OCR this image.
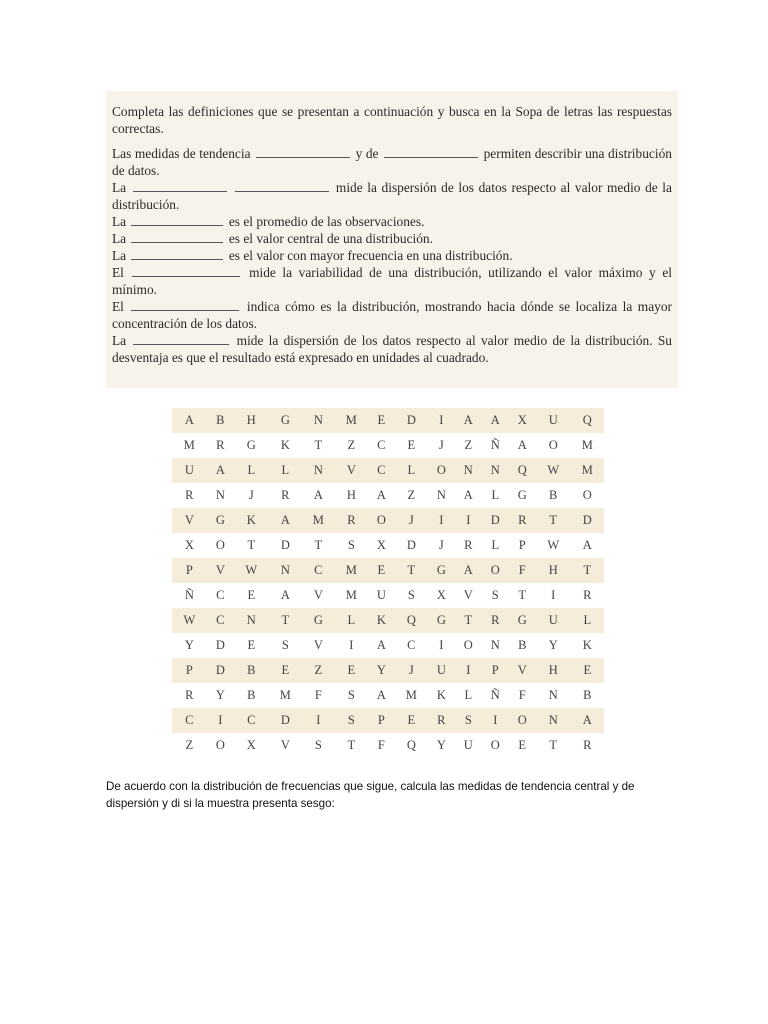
Completa las definiciones que se presentan a continuación y busca en la Sopa de letras las respuestas correctas.

Las medidas de tendencia	y de	permiten describir una distribución de datos.

La	mide la dispersión de los datos respecto al valor medio de la distribución.

La	es el promedio de las observaciones.

La	es el valor central de una distribución.

La	es el valor con mayor frecuencia en una distribución.

El	mide la variabilidad de una distribución, utilizando el valor máximo y el mínimo.

El	indica cómo es la distribución, mostrando hacia dónde se localiza la mayor concentración de los datos.

La	mide la dispersión de los datos respecto al valor medio de la distribución. Su desventaja es que el resultado está expresado en unidades al cuadrado.

A	B	H	G	N	M	E	D	I	A	A	X	U	Q
M	R	G	K	T	Z	C	E	J	Z	Ñ	A	O	M
U	A	L	L	N	V	C	L	O	N	N	Q	W	M
R	N	J	R	A	H	A	Z	N	A	L	G	B	O
V	G	K	A	M	R	O	J	I	I	D	R	T	D
X	O	T	D	T	S	X	D	J	R	L	P	W	A
P	V	W	N	C	M	E	T	G	A	O	F	H	T
Ñ	C	E	A	V	M	U	S	X	V	S	T	I	R
W	C	N	T	G	L	K	Q	G	T	R	G	U	L
Y	D	E	S	V	I	A	C	I	O	N	B	Y	K
P	D	B	E	Z	E	Y	J	U	I	P	V	H	E
R	Y	B	M	F	S	A	M	K	L	Ñ	F	N	B
C	I	C	D	I	S	P	E	R	S	I	O	N	A
Z	O	X	V	S	T	F	Q	Y	U	O	E	T	R

De acuerdo con la distribución de frecuencias que sigue, calcula las medidas de tendencia central y de dispersión y di si la muestra presenta sesgo:
